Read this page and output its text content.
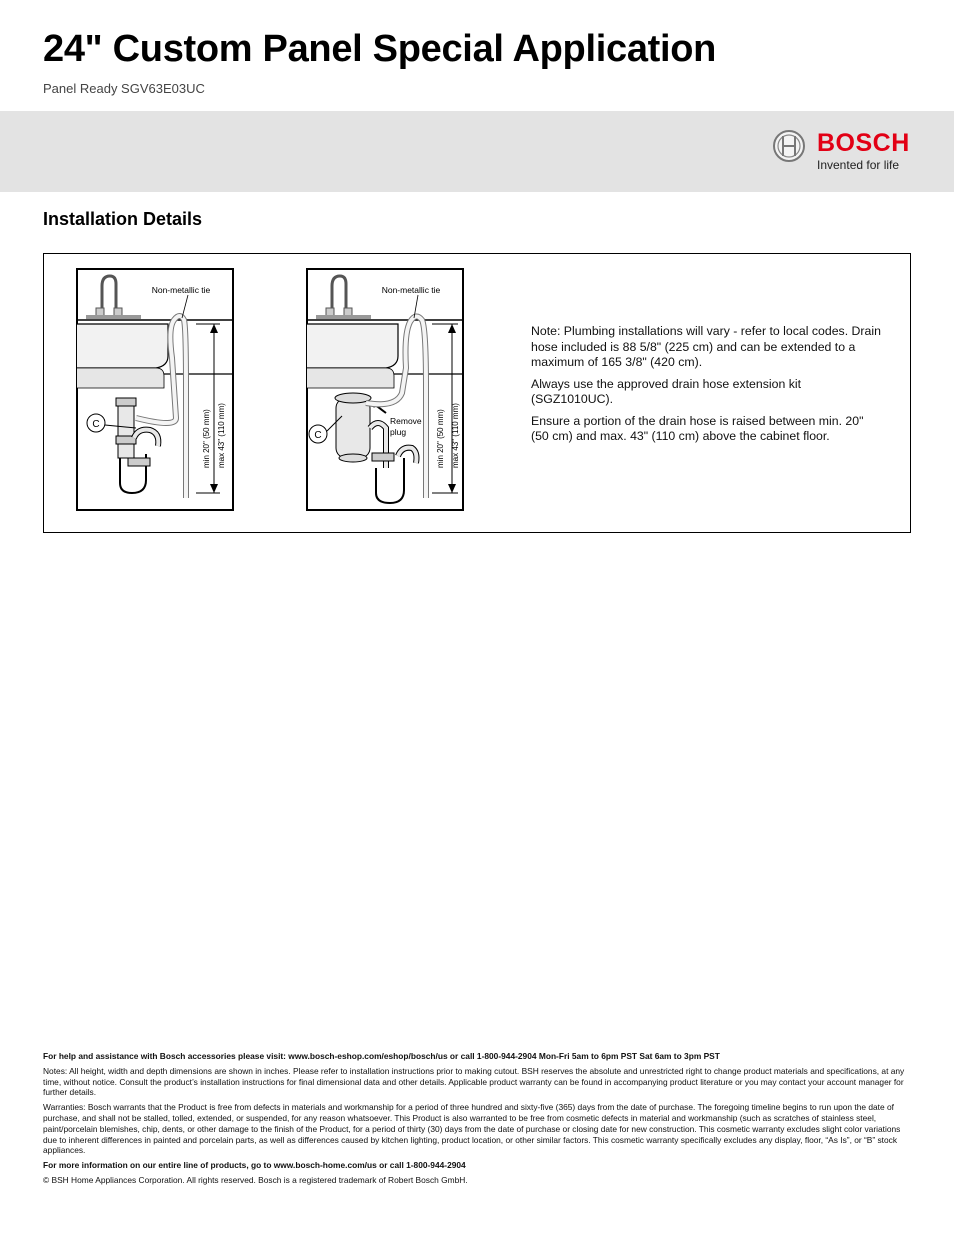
24" Custom Panel Special Application
Panel Ready SGV63E03UC
BOSCH
Invented for life
Installation Details
C
Non-metallic tie
min 20" (50 mm) max 43" (110 mm)	C
Remove
plug
Non-metallic tie
min 20" (50 mm) max 43" (110 mm)

Note: Plumbing installations will vary - refer to local codes. Drain hose included is 88 5/8" (225 cm) and can be extended to a maximum of 165 3/8" (420 cm).

Always use the approved drain hose extension kit (SGZ1010UC).

Ensure a portion of the drain hose is raised between min. 20" (50 cm) and max. 43" (110 cm) above the cabinet floor.

For help and assistance with Bosch accessories please visit: www.bosch-eshop.com/eshop/bosch/us or call 1-800-944-2904 Mon-Fri 5am to 6pm PST Sat 6am to 3pm PST

Notes: All height, width and depth dimensions are shown in inches. Please refer to installation instructions prior to making cutout. BSH reserves the absolute and unrestricted right to change product materials and specifications, at any time, without notice. Consult the product’s installation instructions for final dimensional data and other details. Applicable product warranty can be found in accompanying product literature or you may contact your account manager for further details.

Warranties: Bosch warrants that the Product is free from defects in materials and workmanship for a period of three hundred and sixty-five (365) days from the date of purchase. The foregoing timeline begins to run upon the date of purchase, and shall not be stalled, tolled, extended, or suspended, for any reason whatsoever. This Product is also warranted to be free from cosmetic defects in material and workmanship (such as scratches of stainless steel, paint/porcelain blemishes, chip, dents, or other damage to the finish of the Product, for a period of thirty (30) days from the date of purchase or closing date for new construction. This cosmetic warranty excludes slight color variations due to inherent differences in painted and porcelain parts, as well as differences caused by kitchen lighting, product location, or other similar factors. This cosmetic warranty specifically excludes any display, floor, “As Is”, or “B” stock appliances.

For more information on our entire line of products, go to www.bosch-home.com/us or call 1-800-944-2904

© BSH Home Appliances Corporation. All rights reserved. Bosch is a registered trademark of Robert Bosch GmbH.
